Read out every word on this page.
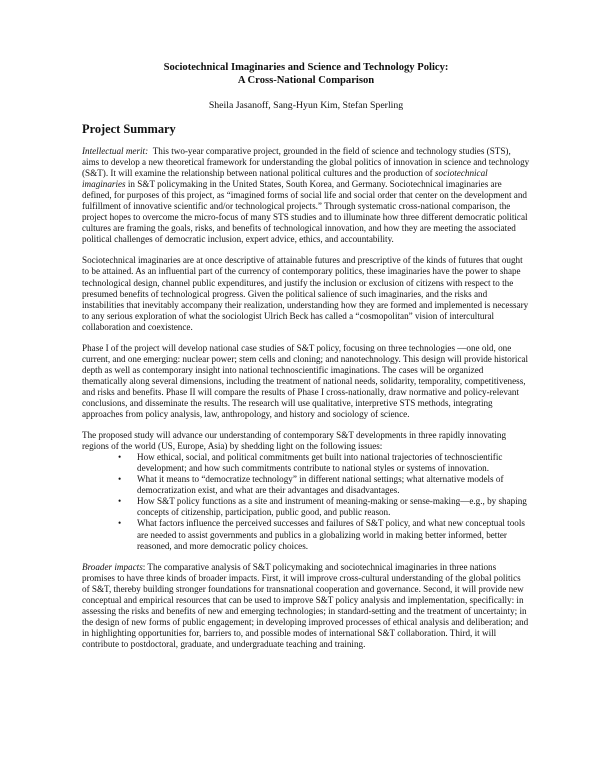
Sociotechnical Imaginaries and Science and Technology Policy:
A Cross-National Comparison

Sheila Jasanoff, Sang-Hyun Kim, Stefan Sperling

Project Summary

Intellectual merit: This two-year comparative project, grounded in the field of science and technology studies (STS), aims to develop a new theoretical framework for understanding the global politics of innovation in science and technology (S&T). It will examine the relationship between national political cultures and the production of sociotechnical imaginaries in S&T policymaking in the United States, South Korea, and Germany. Sociotechnical imaginaries are defined, for purposes of this project, as “imagined forms of social life and social order that center on the development and fulfillment of innovative scientific and/or technological projects.” Through systematic cross-national comparison, the project hopes to overcome the micro-focus of many STS studies and to illuminate how three different democratic political cultures are framing the goals, risks, and benefits of technological innovation, and how they are meeting the associated political challenges of democratic inclusion, expert advice, ethics, and accountability.

Sociotechnical imaginaries are at once descriptive of attainable futures and prescriptive of the kinds of futures that ought to be attained. As an influential part of the currency of contemporary politics, these imaginaries have the power to shape technological design, channel public expenditures, and justify the inclusion or exclusion of citizens with respect to the presumed benefits of technological progress. Given the political salience of such imaginaries, and the risks and instabilities that inevitably accompany their realization, understanding how they are formed and implemented is necessary to any serious exploration of what the sociologist Ulrich Beck has called a “cosmopolitan” vision of intercultural collaboration and coexistence.

Phase I of the project will develop national case studies of S&T policy, focusing on three technologies —one old, one current, and one emerging: nuclear power; stem cells and cloning; and nanotechnology. This design will provide historical depth as well as contemporary insight into national technoscientific imaginations. The cases will be organized thematically along several dimensions, including the treatment of national needs, solidarity, temporality, competitiveness, and risks and benefits. Phase II will compare the results of Phase I cross-nationally, draw normative and policy-relevant conclusions, and disseminate the results. The research will use qualitative, interpretive STS methods, integrating approaches from policy analysis, law, anthropology, and history and sociology of science.

The proposed study will advance our understanding of contemporary S&T developments in three rapidly innovating regions of the world (US, Europe, Asia) by shedding light on the following issues:

• How ethical, social, and political commitments get built into national trajectories of technoscientific development; and how such commitments contribute to national styles or systems of innovation.
• What it means to “democratize technology” in different national settings; what alternative models of democratization exist, and what are their advantages and disadvantages.
• How S&T policy functions as a site and instrument of meaning-making or sense-making—e.g., by shaping concepts of citizenship, participation, public good, and public reason.
• What factors influence the perceived successes and failures of S&T policy, and what new conceptual tools are needed to assist governments and publics in a globalizing world in making better informed, better reasoned, and more democratic policy choices.

Broader impacts: The comparative analysis of S&T policymaking and sociotechnical imaginaries in three nations promises to have three kinds of broader impacts. First, it will improve cross-cultural understanding of the global politics of S&T, thereby building stronger foundations for transnational cooperation and governance. Second, it will provide new conceptual and empirical resources that can be used to improve S&T policy analysis and implementation, specifically: in assessing the risks and benefits of new and emerging technologies; in standard-setting and the treatment of uncertainty; in the design of new forms of public engagement; in developing improved processes of ethical analysis and deliberation; and in highlighting opportunities for, barriers to, and possible modes of international S&T collaboration. Third, it will contribute to postdoctoral, graduate, and undergraduate teaching and training.
